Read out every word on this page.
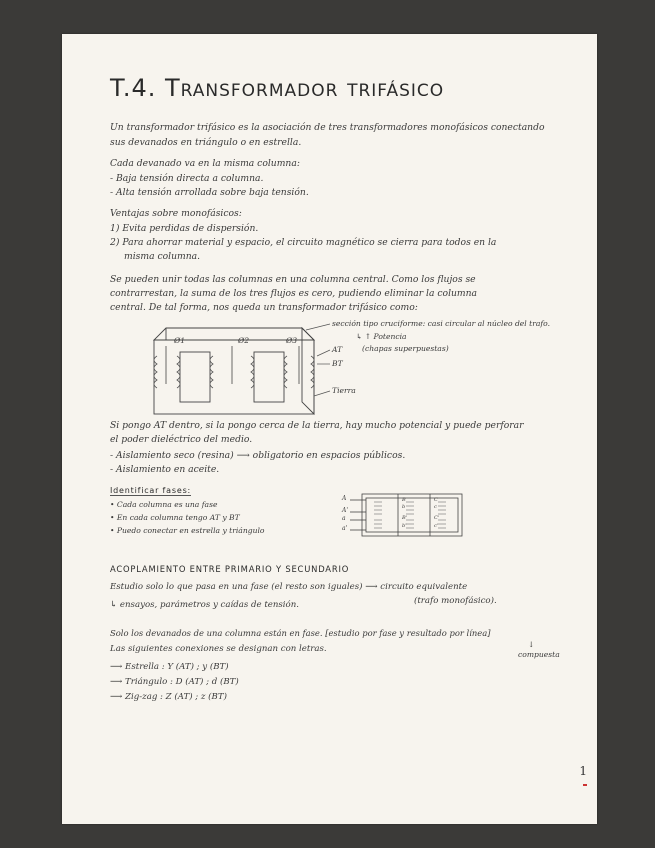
T.4. Transformador trifásico
Un transformador trifásico es la asociación de tres transformadores monofásicos conectando
sus devanados en triángulo o en estrella.
Cada devanado va en la misma columna:
- Baja tensión directa a columna.
- Alta tensión arrollada sobre baja tensión.
Ventajas sobre monofásicos:
1) Evita perdidas de dispersión.
2) Para ahorrar material y espacio, el circuito magnético se cierra para todos en la
misma columna.
Se pueden unir todas las columnas en una columna central. Como los flujos se
contrarrestan, la suma de los tres flujos es cero, pudiendo eliminar la columna
central. De tal forma, nos queda un transformador trifásico como:
sección tipo cruciforme: casi circular al núcleo del trafo.
↳ ↑ Potencia
(chapas superpuestas)
Ø1	Ø2	Ø3
AT
BT
Tierra
Si pongo AT dentro, si la pongo cerca de la tierra, hay mucho potencial y puede perforar
el poder dieléctrico del medio.
- Aislamiento seco (resina) ⟶ obligatorio en espacios públicos.
- Aislamiento en aceite.
Identificar fases:
• Cada columna es una fase
• En cada columna tengo AT y BT
• Puedo conectar en estrella y triángulo
A
A'
a
a'
B
b
B'
b'
C
c
C'
c'
ACOPLAMIENTO ENTRE PRIMARIO Y SECUNDARIO
Estudio solo lo que pasa en una fase (el resto son iguales) ⟶ circuito equivalente
(trafo monofásico).
↳ ensayos, parámetros y caídas de tensión.
Solo los devanados de una columna están en fase. [estudio por fase y resultado por línea]
↓
compuesta
Las siguientes conexiones se designan con letras.
⟶ Estrella : Y (AT) ; y (BT)
⟶ Triángulo : D (AT) ; d (BT)
⟶ Zig-zag : Z (AT) ; z (BT)
1
